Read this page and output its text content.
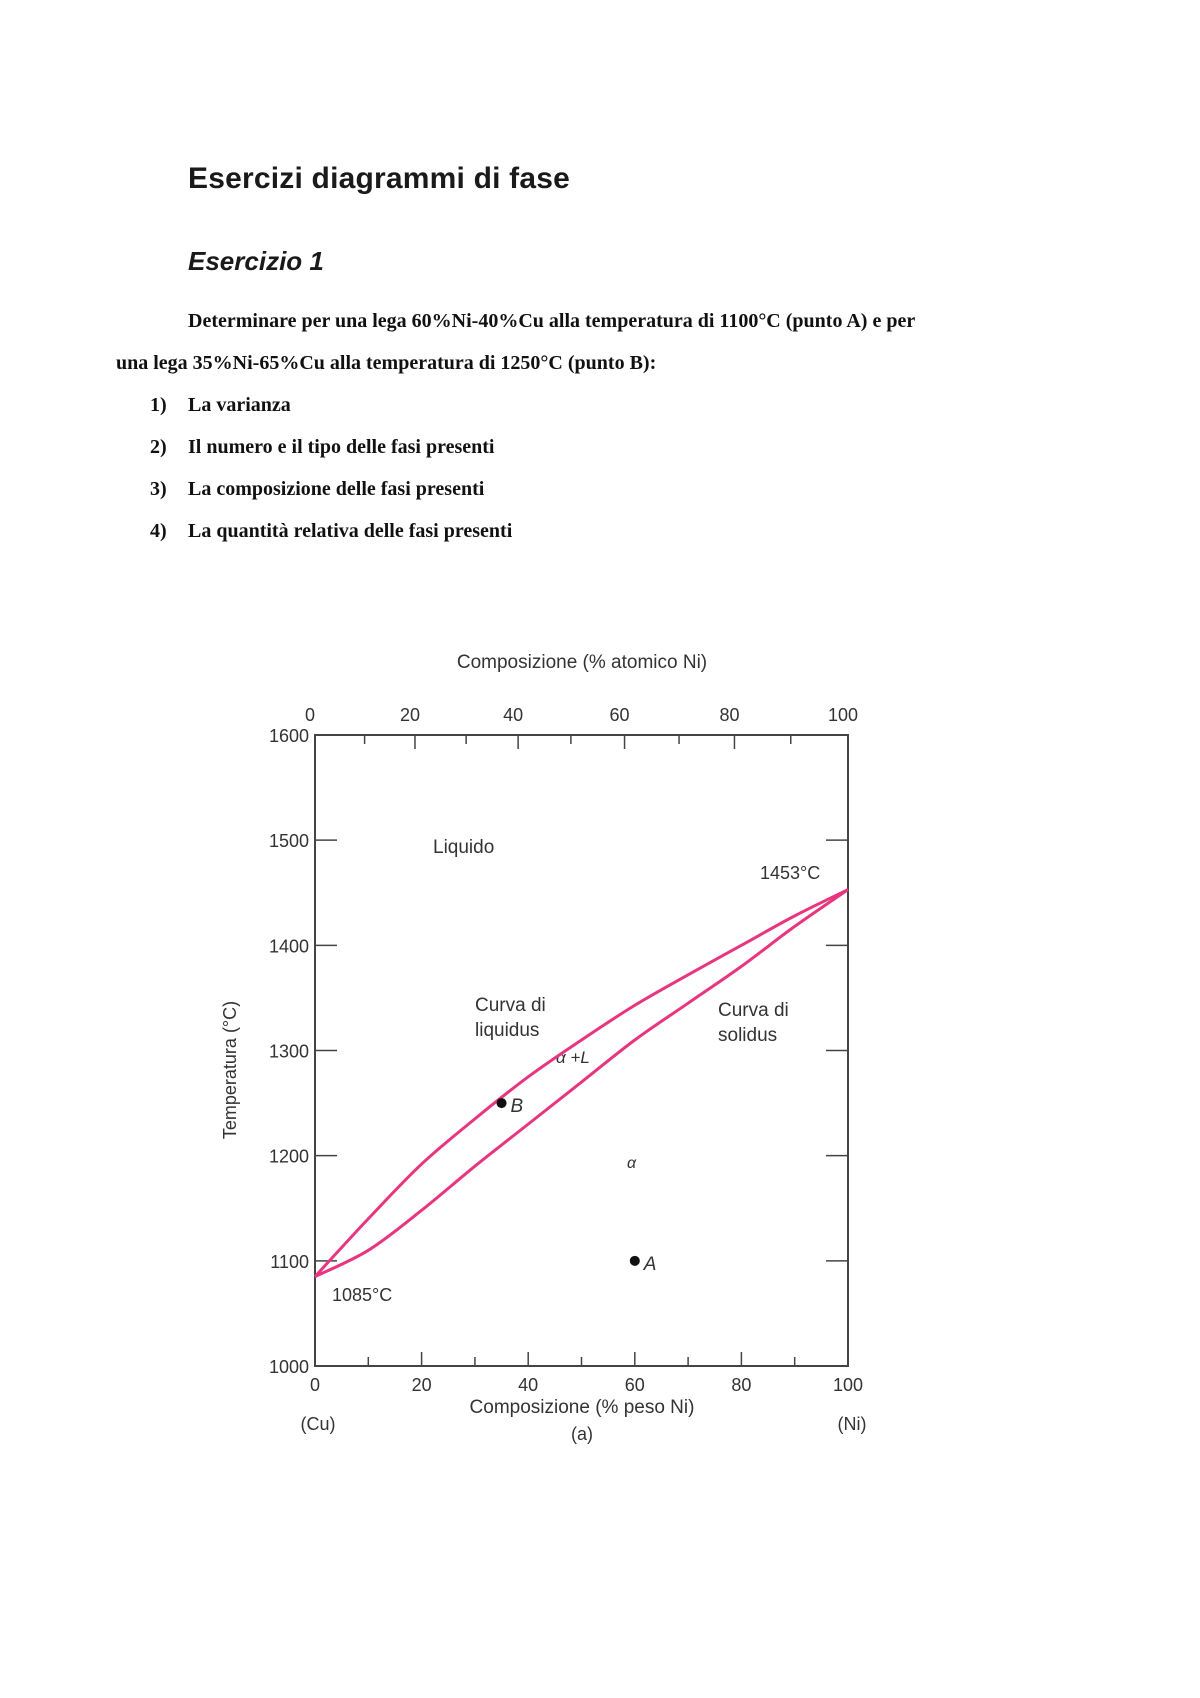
Esercizi diagrammi di fase
Esercizio 1

Determinare per una lega 60%Ni-40%Cu alla temperatura di 1100°C (punto A) e per
una lega 35%Ni-65%Cu alla temperatura di 1250°C (punto B):

1) La varianza
2) Il numero e il tipo delle fasi presenti
3) La composizione delle fasi presenti
4) La quantità relativa delle fasi presenti
Composizione (% atomico Ni)
Composizione (% peso Ni)
(a)
(Cu)	(Ni)
Temperatura (°C)
Liquido
Curva di
liquidus
Curva di
solidus
α +L
α
1085°C
1453°C
0	20	40	60	80	100
0	20	40	60	80	100
1000
1100
1200
1300
1400
1500
1600
A
B
